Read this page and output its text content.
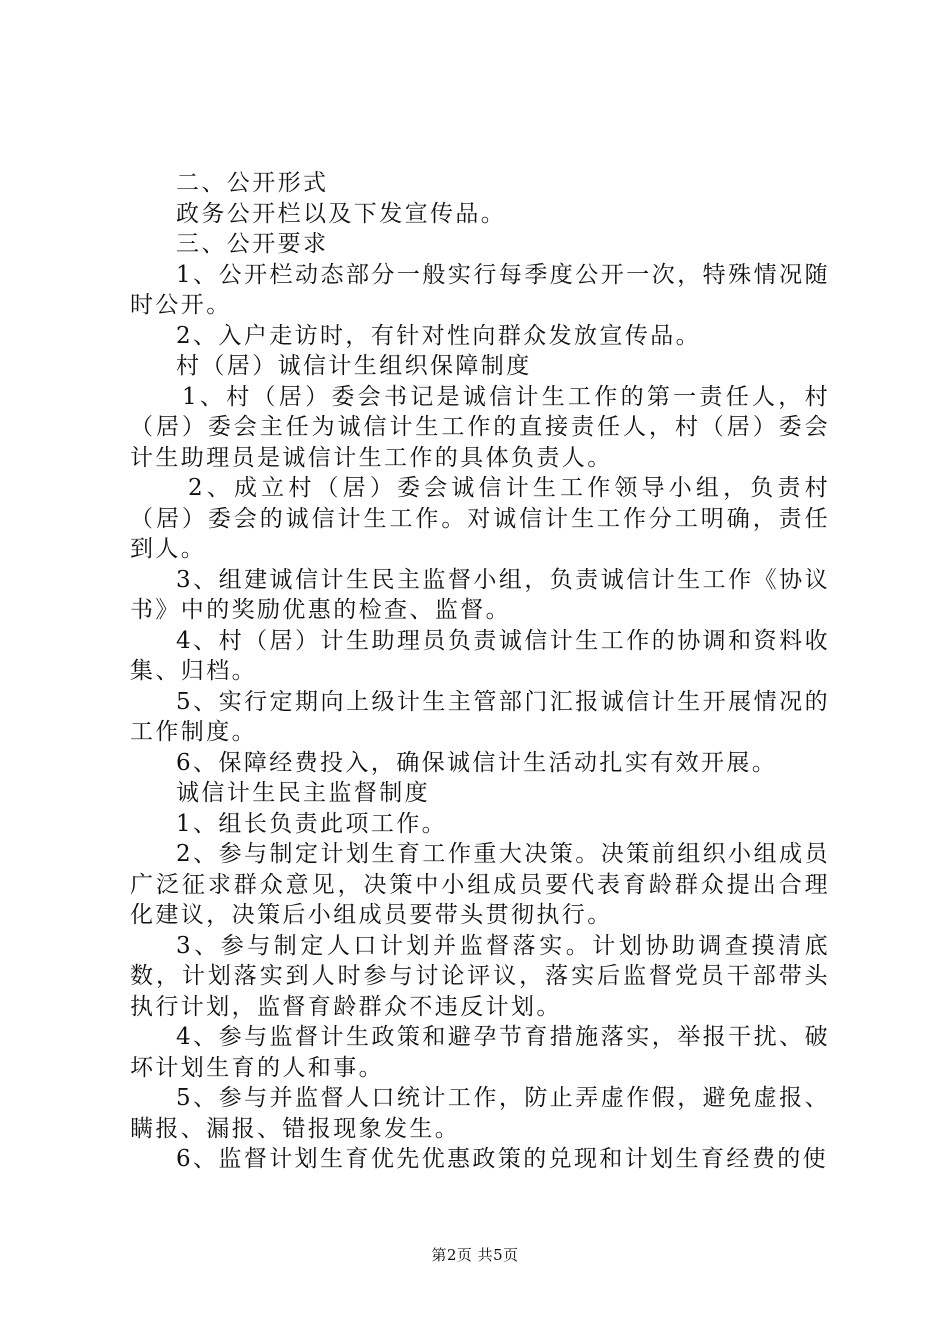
二、公开形式

政务公开栏以及下发宣传品。

三、公开要求

1、公开栏动态部分一般实行每季度公开一次，特殊情况随时公开。

2、入户走访时，有针对性向群众发放宣传品。

村（居）诚信计生组织保障制度

1、村（居）委会书记是诚信计生工作的第一责任人，村（居）委会主任为诚信计生工作的直接责任人，村（居）委会计生助理员是诚信计生工作的具体负责人。

2、成立村（居）委会诚信计生工作领导小组，负责村（居）委会的诚信计生工作。对诚信计生工作分工明确，责任到人。

3、组建诚信计生民主监督小组，负责诚信计生工作《协议书》中的奖励优惠的检查、监督。

4、村（居）计生助理员负责诚信计生工作的协调和资料收集、归档。

5、实行定期向上级计生主管部门汇报诚信计生开展情况的工作制度。

6、保障经费投入，确保诚信计生活动扎实有效开展。

诚信计生民主监督制度

1、组长负责此项工作。

2、参与制定计划生育工作重大决策。决策前组织小组成员广泛征求群众意见，决策中小组成员要代表育龄群众提出合理化建议，决策后小组成员要带头贯彻执行。

3、参与制定人口计划并监督落实。计划协助调查摸清底数，计划落实到人时参与讨论评议，落实后监督党员干部带头执行计划，监督育龄群众不违反计划。

4、参与监督计生政策和避孕节育措施落实，举报干扰、破坏计划生育的人和事。

5、参与并监督人口统计工作，防止弄虚作假，避免虚报、瞒报、漏报、错报现象发生。

6、监督计划生育优先优惠政策的兑现和计划生育经费的使

第2页 共5页
